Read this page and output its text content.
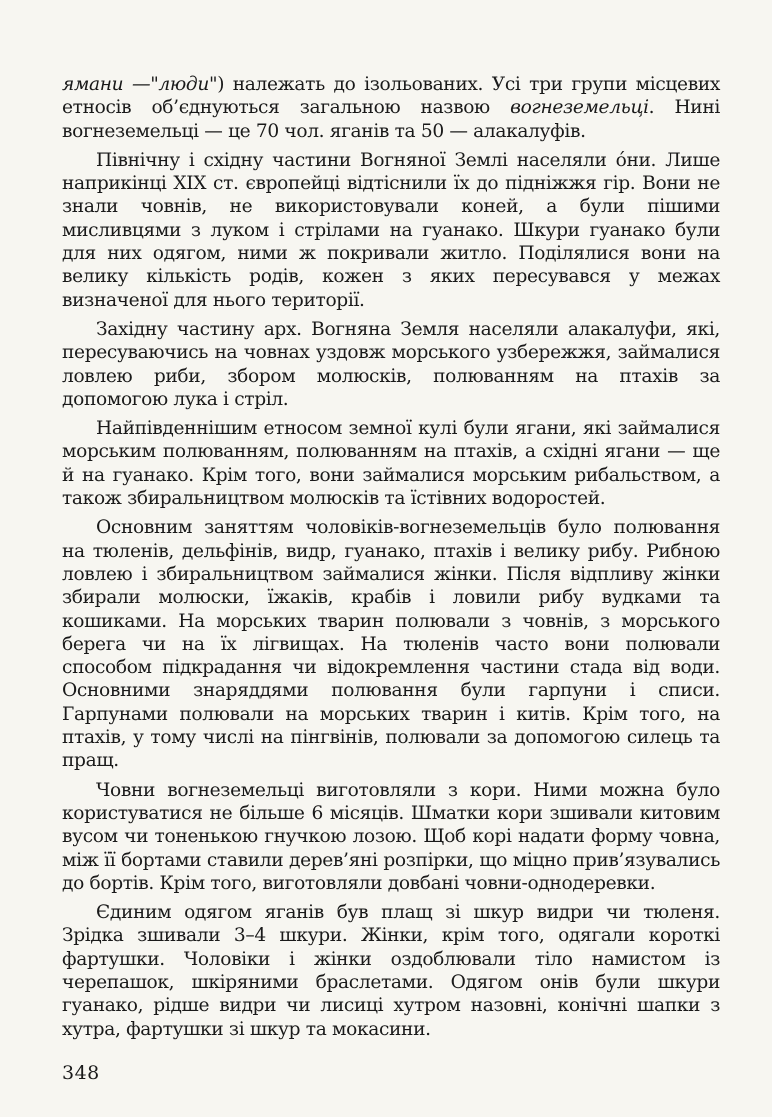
ямани —"люди") належать до ізольованих. Усі три групи місцевих етносів об’єднуються загальною назвою вогнеземельці. Нині вогнеземельці — це 70 чол. яганів та 50 — алакалуфів.

Північну і східну частини Вогняної Землі населяли óни. Лише наприкінці XIX ст. європейці відтіснили їх до підніжжя гір. Вони не знали човнів, не використовували коней, а були пішими мисливцями з луком і стрілами на гуанако. Шкури гуанако були для них одягом, ними ж покривали житло. Поділялися вони на велику кількість родів, кожен з яких пересувався у межах визначеної для нього території.

Західну частину арх. Вогняна Земля населяли алакалуфи, які, пересуваючись на човнах уздовж морського узбережжя, займалися ловлею риби, збором молюсків, полюванням на птахів за допомогою лука і стріл.

Найпівденнішим етносом земної кулі були ягани, які займалися морським полюванням, полюванням на птахів, а східні ягани — ще й на гуанако. Крім того, вони займалися морським рибальством, а також збиральництвом молюсків та їстівних водоростей.

Основним заняттям чоловіків-вогнеземельців було полювання на тюленів, дельфінів, видр, гуанако, птахів і велику рибу. Рибною ловлею і збиральництвом займалися жінки. Після відпливу жінки збирали молюски, їжаків, крабів і ловили рибу вудками та кошиками. На морських тварин полювали з човнів, з морського берега чи на їх лігвищах. На тюленів часто вони полювали способом підкрадання чи відокремлення частини стада від води. Основними знаряддями полювання були гарпуни і списи. Гарпунами полювали на морських тварин і китів. Крім того, на птахів, у тому числі на пінгвінів, полювали за допомогою силець та пращ.

Човни вогнеземельці виготовляли з кори. Ними можна було користуватися не більше 6 місяців. Шматки кори зшивали китовим вусом чи тоненькою гнучкою лозою. Щоб корі надати форму човна, між її бортами ставили дерев’яні розпірки, що міцно прив’язувались до бортів. Крім того, виготовляли довбані човни-однодеревки.

Єдиним одягом яганів був плащ зі шкур видри чи тюленя. Зрідка зшивали 3–4 шкури. Жінки, крім того, одягали короткі фартушки. Чоловіки і жінки оздоблювали тіло намистом із черепашок, шкіряними браслетами. Одягом онів були шкури гуанако, рідше видри чи лисиці хутром назовні, конічні шапки з хутра, фартушки зі шкур та мокасини.

348
